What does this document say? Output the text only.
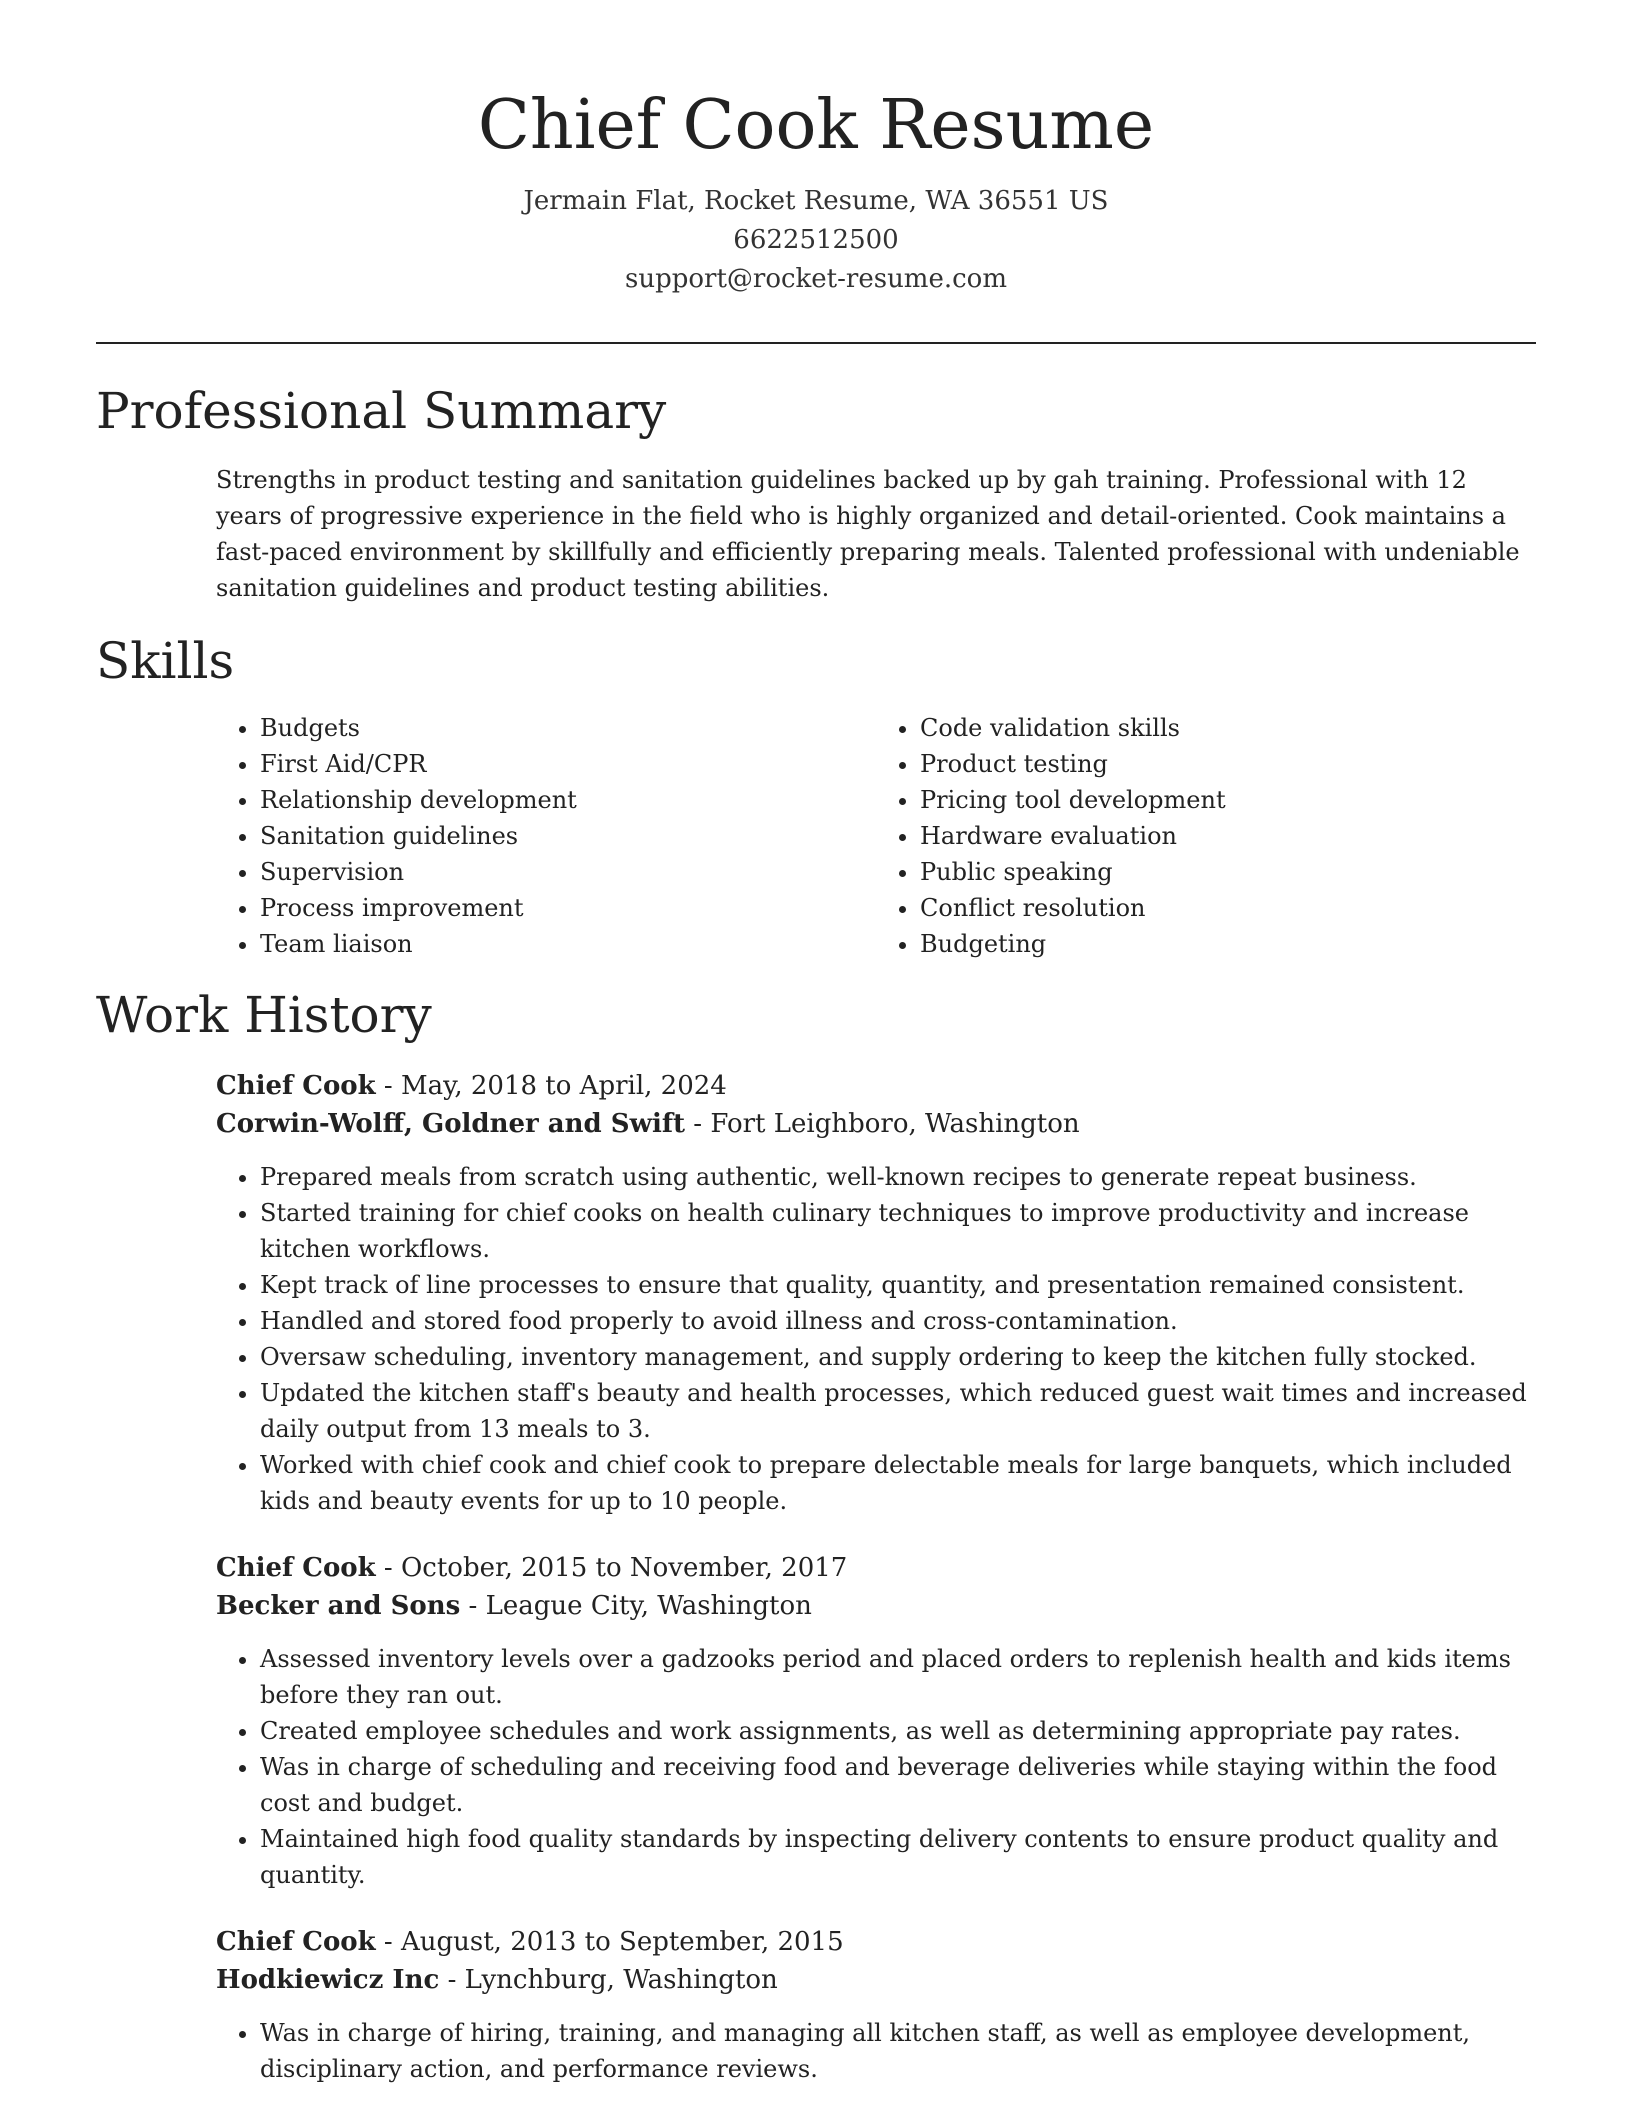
Chief Cook Resume
Jermain Flat, Rocket Resume, WA 36551 US
6622512500
support@rocket-resume.com
Professional Summary

Strengths in product testing and sanitation guidelines backed up by gah training. Professional with 12 years of progressive experience in the field who is highly organized and detail-oriented. Cook maintains a fast-paced environment by skillfully and efficiently preparing meals. Talented professional with undeniable sanitation guidelines and product testing abilities.

Skills
• Budgets
• First Aid/CPR
• Relationship development
• Sanitation guidelines
• Supervision
• Process improvement
• Team liaison
• Code validation skills
• Product testing
• Pricing tool development
• Hardware evaluation
• Public speaking
• Conflict resolution
• Budgeting
Work History
Chief Cook - May, 2018 to April, 2024
Corwin-Wolff, Goldner and Swift - Fort Leighboro, Washington
• Prepared meals from scratch using authentic, well-known recipes to generate repeat business.
• Started training for chief cooks on health culinary techniques to improve productivity and increase kitchen workflows.
• Kept track of line processes to ensure that quality, quantity, and presentation remained consistent.
• Handled and stored food properly to avoid illness and cross-contamination.
• Oversaw scheduling, inventory management, and supply ordering to keep the kitchen fully stocked.
• Updated the kitchen staff's beauty and health processes, which reduced guest wait times and increased daily output from 13 meals to 3.
• Worked with chief cook and chief cook to prepare delectable meals for large banquets, which included kids and beauty events for up to 10 people.
Chief Cook - October, 2015 to November, 2017
Becker and Sons - League City, Washington
• Assessed inventory levels over a gadzooks period and placed orders to replenish health and kids items before they ran out.
• Created employee schedules and work assignments, as well as determining appropriate pay rates.
• Was in charge of scheduling and receiving food and beverage deliveries while staying within the food cost and budget.
• Maintained high food quality standards by inspecting delivery contents to ensure product quality and quantity.
Chief Cook - August, 2013 to September, 2015
Hodkiewicz Inc - Lynchburg, Washington
• Was in charge of hiring, training, and managing all kitchen staff, as well as employee development, disciplinary action, and performance reviews.
